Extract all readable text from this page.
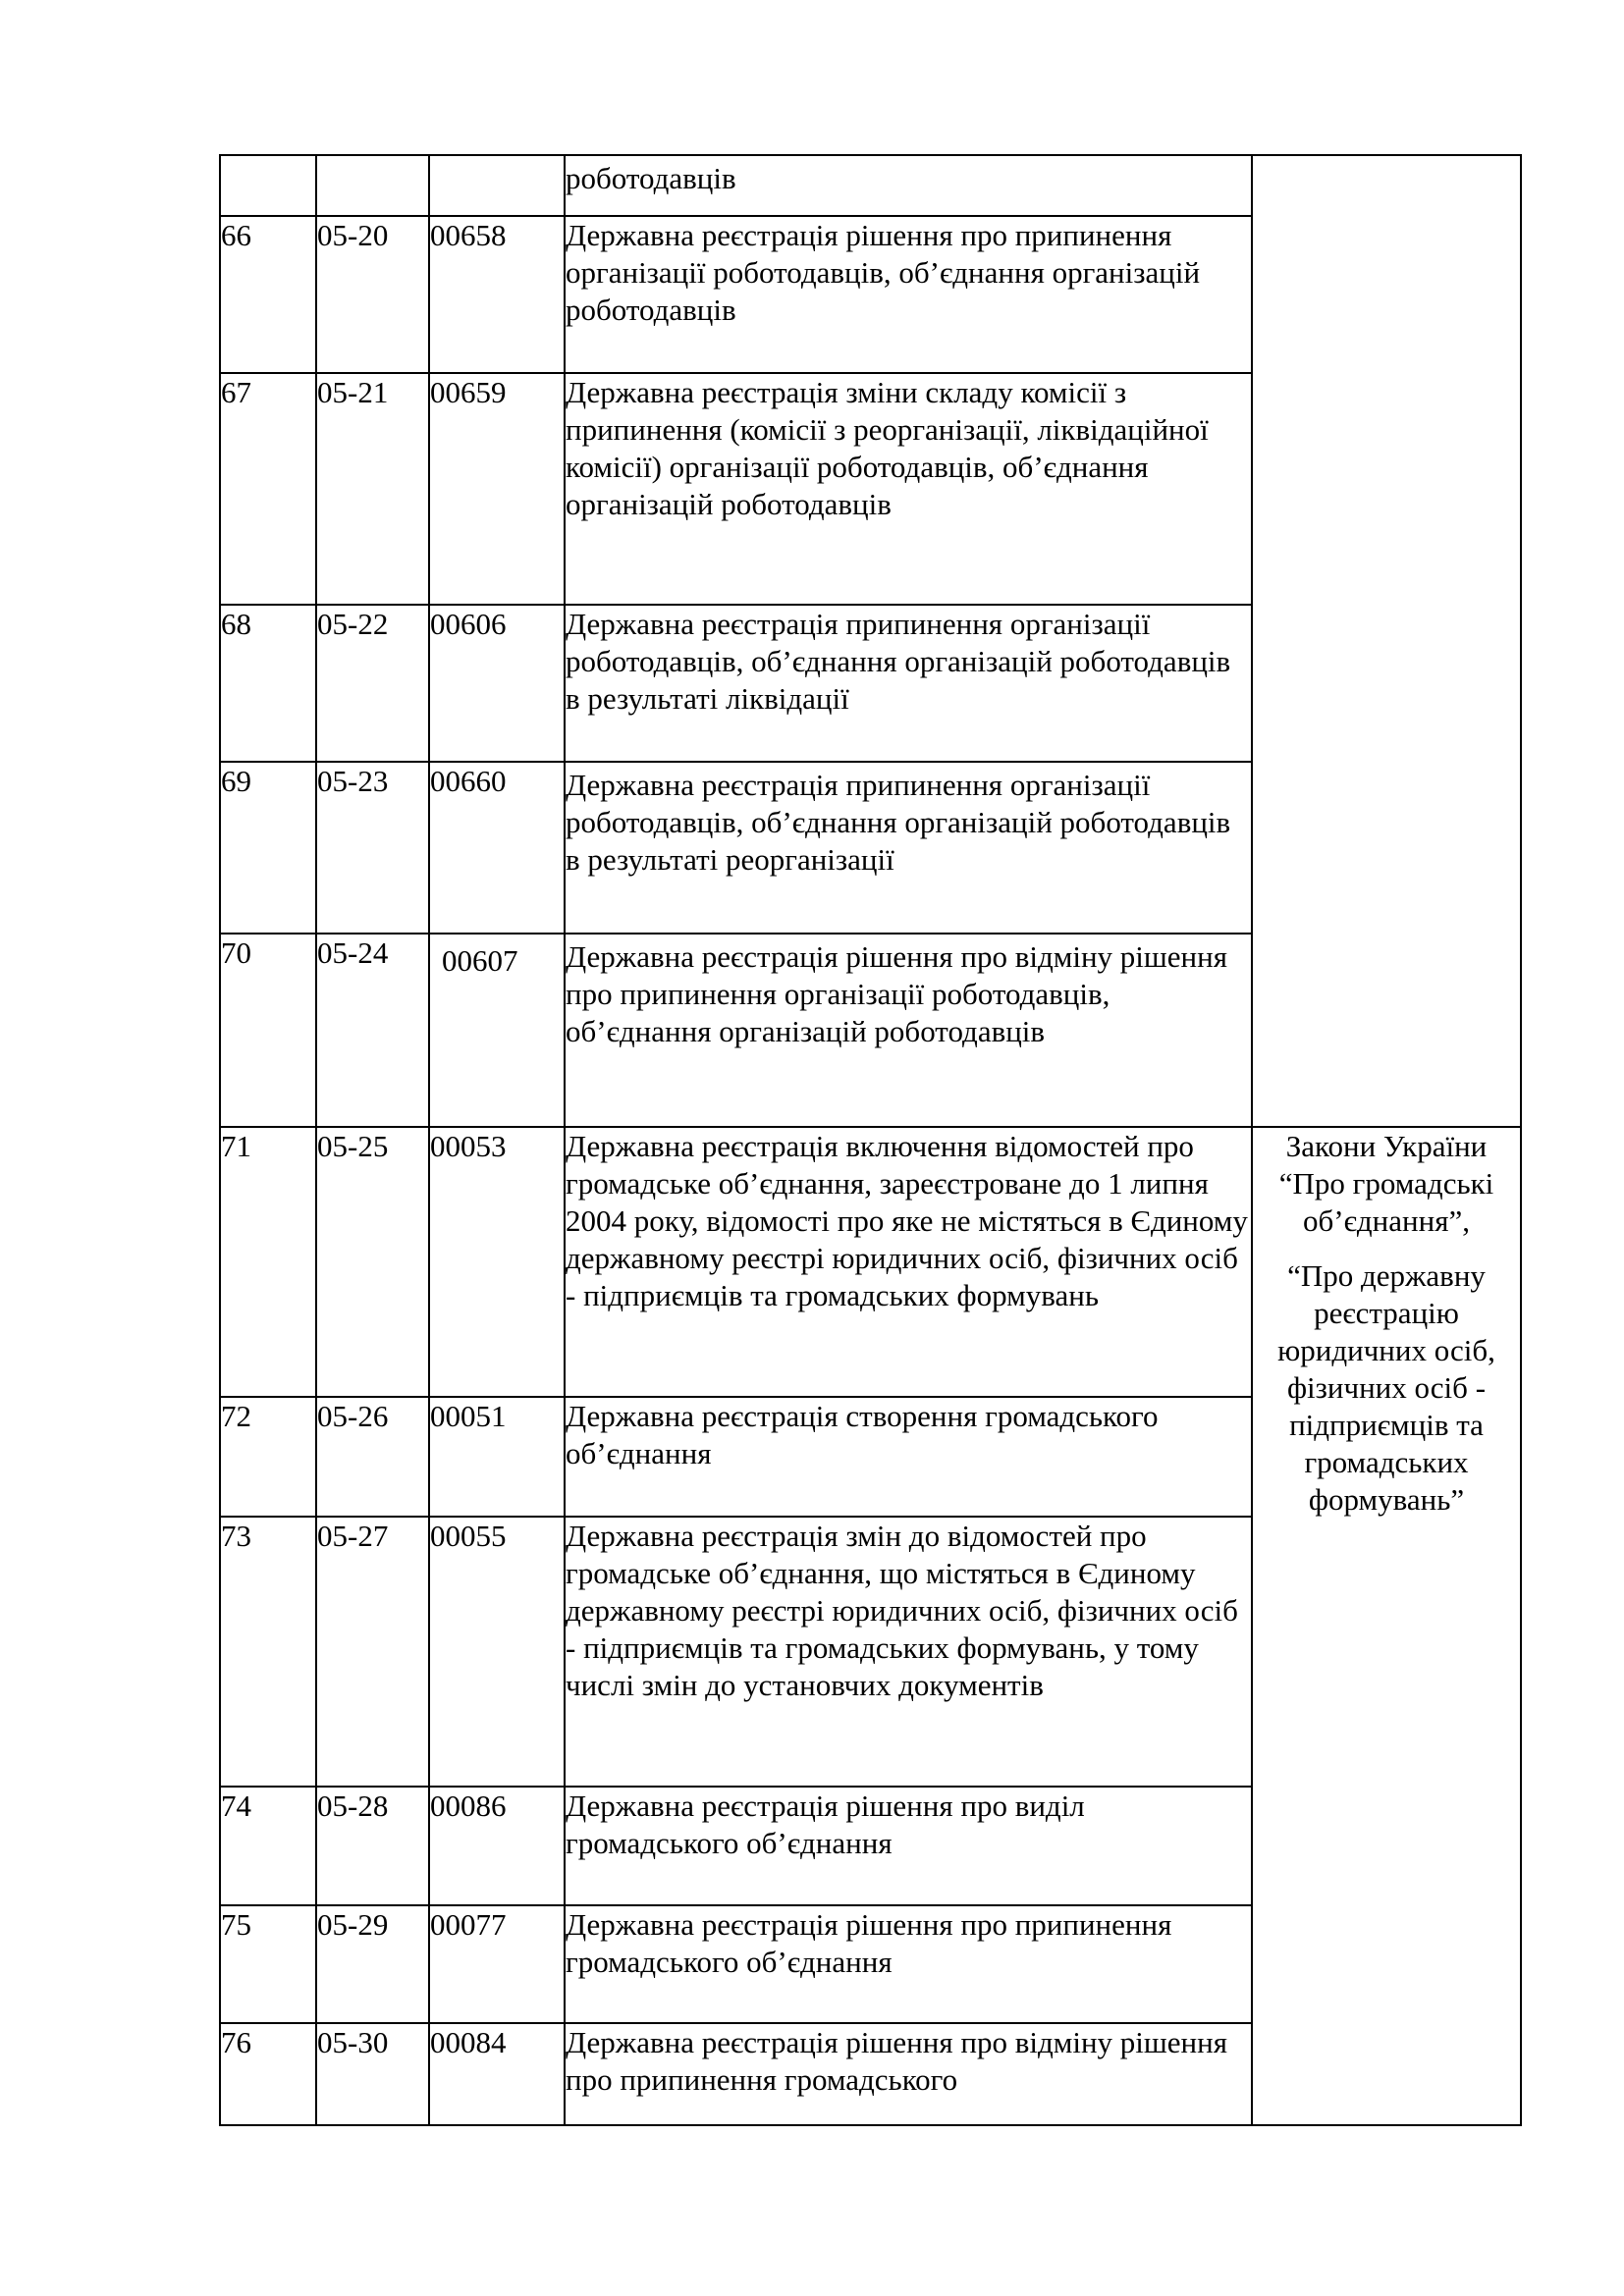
			роботодавців	
66	05-20	00658	Державна реєстрація рішення про припинення організації роботодавців, об’єднання організацій роботодавців	
67	05-21	00659	Державна реєстрація зміни складу комісії з припинення (комісії з реорганізації, ліквідаційної комісії) організації роботодавців, об’єднання організацій роботодавців	
68	05-22	00606	Державна реєстрація припинення організації роботодавців, об’єднання організацій роботодавців в результаті ліквідації	
69	05-23	00660	Державна реєстрація припинення організації роботодавців, об’єднання організацій роботодавців в результаті реорганізації	
70	05-24	00607	Державна реєстрація рішення про відміну рішення про припинення організації роботодавців, об’єднання організацій роботодавців	
71	05-25	00053	Державна реєстрація включення відомостей про громадське об’єднання, зареєстроване до 1 липня 2004 року, відомості про яке не містяться в Єдиному державному реєстрі юридичних осіб, фізичних осіб - підприємців та громадських формувань	Закони України “Про громадські об’єднання”,
“Про державну реєстрацію юридичних осіб, фізичних осіб - підприємців та громадських формувань”

72	05-26	00051	Державна реєстрація створення громадського об’єднання	
73	05-27	00055	Державна реєстрація змін до відомостей про громадське об’єднання, що містяться в Єдиному державному реєстрі юридичних осіб, фізичних осіб - підприємців та громадських формувань, у тому числі змін до установчих документів	
74	05-28	00086	Державна реєстрація рішення про виділ громадського об’єднання	
75	05-29	00077	Державна реєстрація рішення про припинення громадського об’єднання	
76	05-30	00084	Державна реєстрація рішення про відміну рішення про припинення громадського	
